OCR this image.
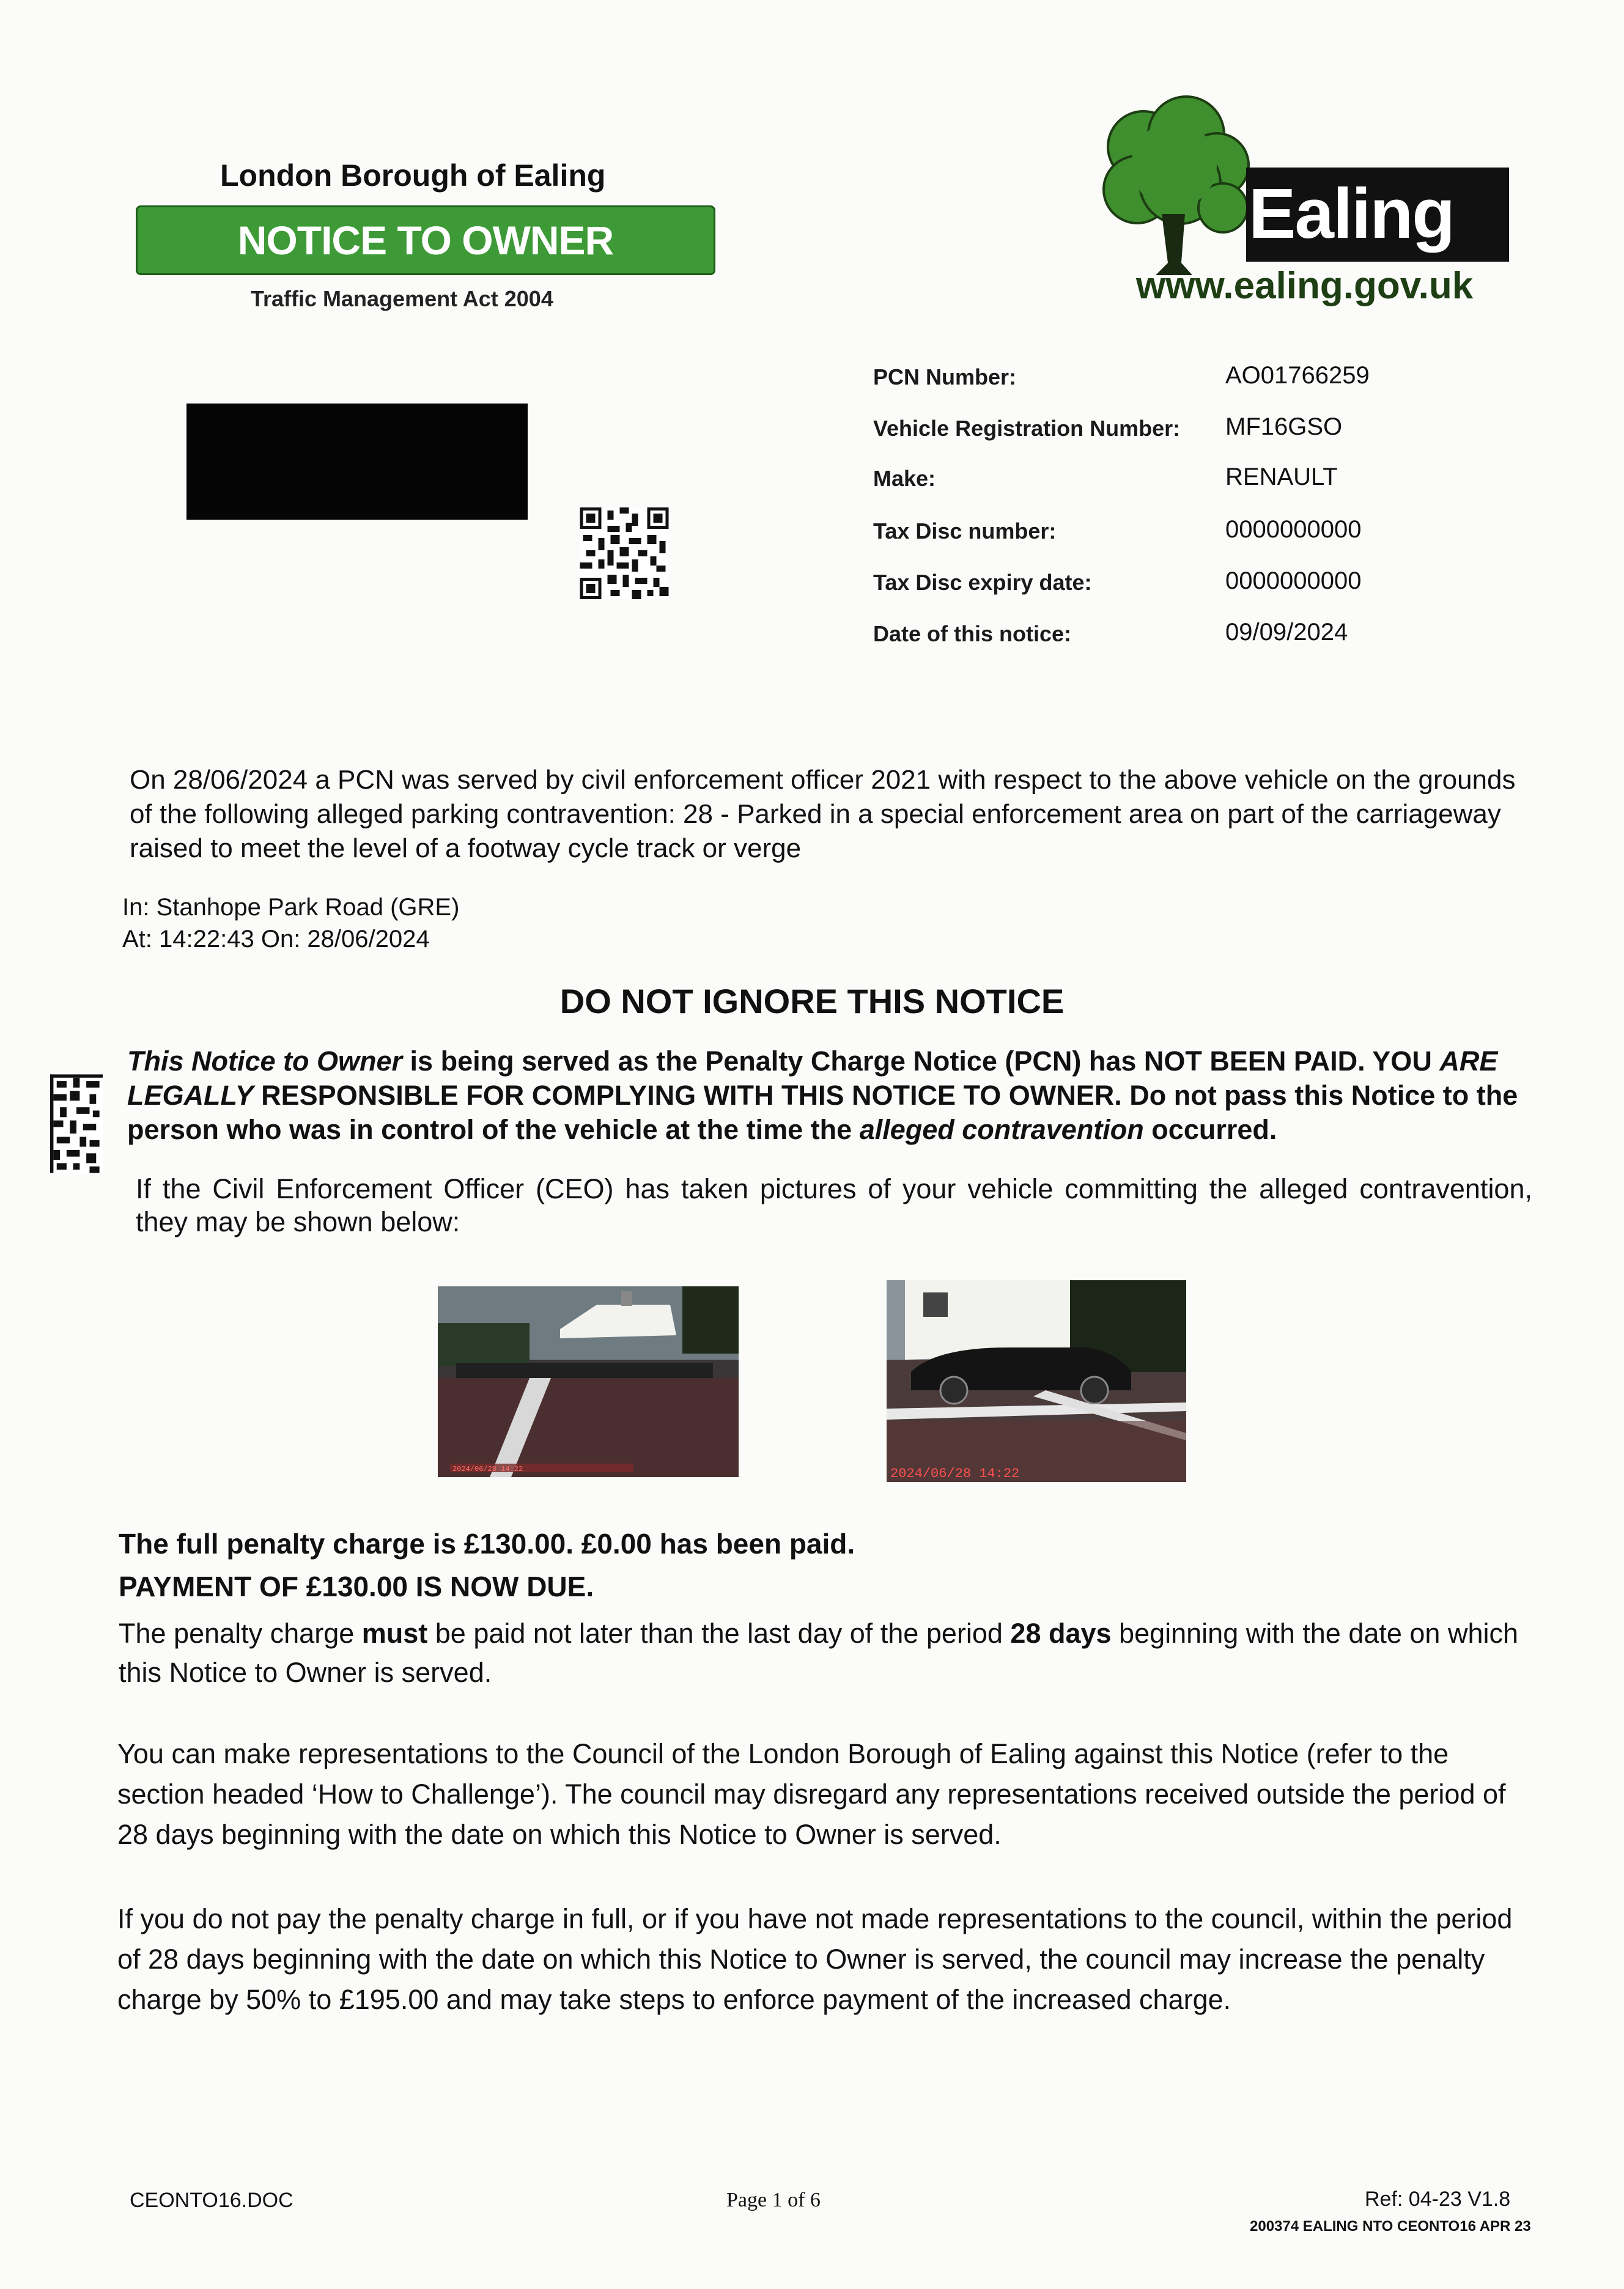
London Borough of Ealing
NOTICE TO OWNER
Traffic Management Act 2004
Ealing
www.ealing.gov.uk
PCN Number:	AO01766259
Vehicle Registration Number: MF16GSO
Make:	RENAULT
Tax Disc number:	0000000000
Tax Disc expiry date:	0000000000
Date of this notice:	09/09/2024
On 28/06/2024 a PCN was served by civil enforcement officer 2021 with respect to the above vehicle on the grounds of the following alleged parking contravention: 28 - Parked in a special enforcement area on part of the carriageway raised to meet the level of a footway cycle track or verge
In: Stanhope Park Road (GRE)
At: 14:22:43 On: 28/06/2024
DO NOT IGNORE THIS NOTICE
This Notice to Owner is being served as the Penalty Charge Notice (PCN) has NOT BEEN PAID. YOU ARE LEGALLY RESPONSIBLE FOR COMPLYING WITH THIS NOTICE TO OWNER. Do not pass this Notice to the person who was in control of the vehicle at the time the alleged contravention occurred.
If the Civil Enforcement Officer (CEO) has taken pictures of your vehicle committing the alleged contravention, they may be shown below:
2024/06/28 14:22	2024/06/28 14:22
The full penalty charge is £130.00. £0.00 has been paid.
PAYMENT OF £130.00 IS NOW DUE.
The penalty charge must be paid not later than the last day of the period 28 days beginning with the date on which this Notice to Owner is served.
You can make representations to the Council of the London Borough of Ealing against this Notice (refer to the section headed ‘How to Challenge’). The council may disregard any representations received outside the period of 28 days beginning with the date on which this Notice to Owner is served.
If you do not pay the penalty charge in full, or if you have not made representations to the council, within the period of 28 days beginning with the date on which this Notice to Owner is served, the council may increase the penalty charge by 50% to £195.00 and may take steps to enforce payment of the increased charge.
CEONTO16.DOC	Page 1 of 6	Ref: 04-23 V1.8
200374 EALING NTO CEONTO16 APR 23
